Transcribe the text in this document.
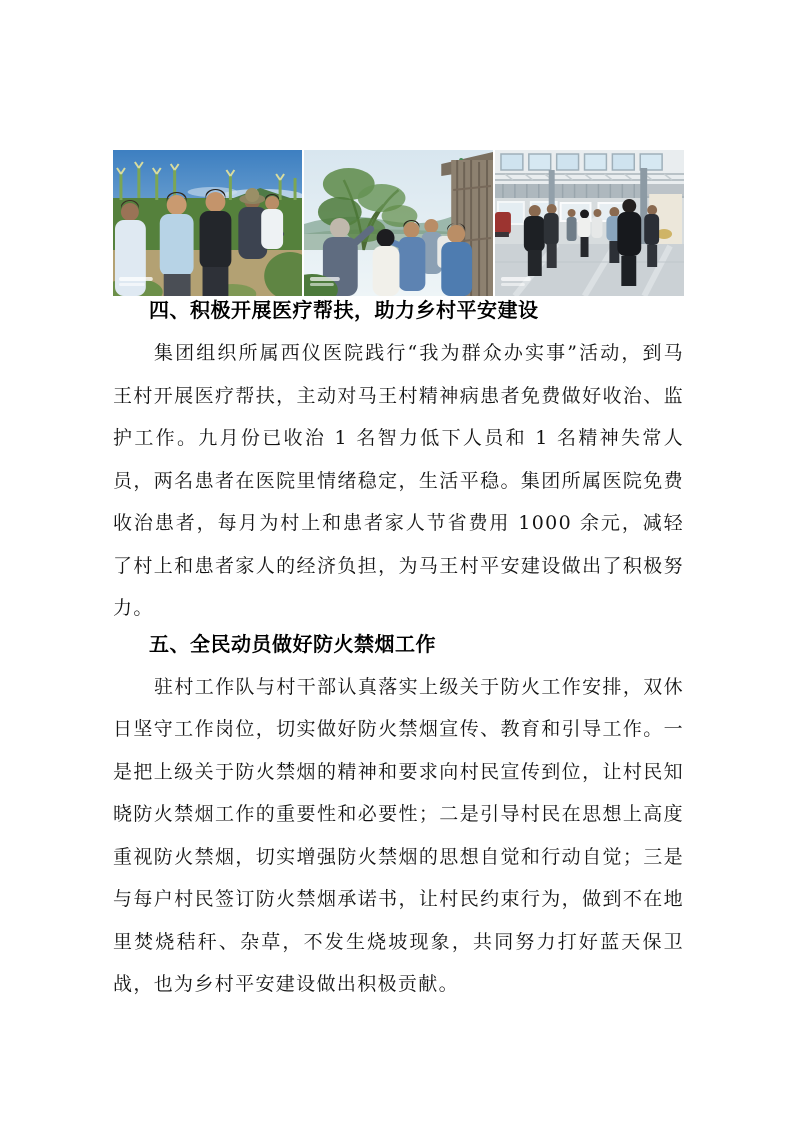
四、积极开展医疗帮扶，助力乡村平安建设

集团组织所属西仪医院践行“我为群众办实事”活动，到马王村开展医疗帮扶，主动对马王村精神病患者免费做好收治、监护工作。九月份已收治 1 名智力低下人员和 1 名精神失常人员，两名患者在医院里情绪稳定，生活平稳。集团所属医院免费收治患者，每月为村上和患者家人节省费用 1000 余元，减轻了村上和患者家人的经济负担，为马王村平安建设做出了积极努力。

五、全民动员做好防火禁烟工作

驻村工作队与村干部认真落实上级关于防火工作安排，双休日坚守工作岗位，切实做好防火禁烟宣传、教育和引导工作。一是把上级关于防火禁烟的精神和要求向村民宣传到位，让村民知晓防火禁烟工作的重要性和必要性；二是引导村民在思想上高度重视防火禁烟，切实增强防火禁烟的思想自觉和行动自觉；三是与每户村民签订防火禁烟承诺书，让村民约束行为，做到不在地里焚烧秸秆、杂草，不发生烧坡现象，共同努力打好蓝天保卫战，也为乡村平安建设做出积极贡献。
